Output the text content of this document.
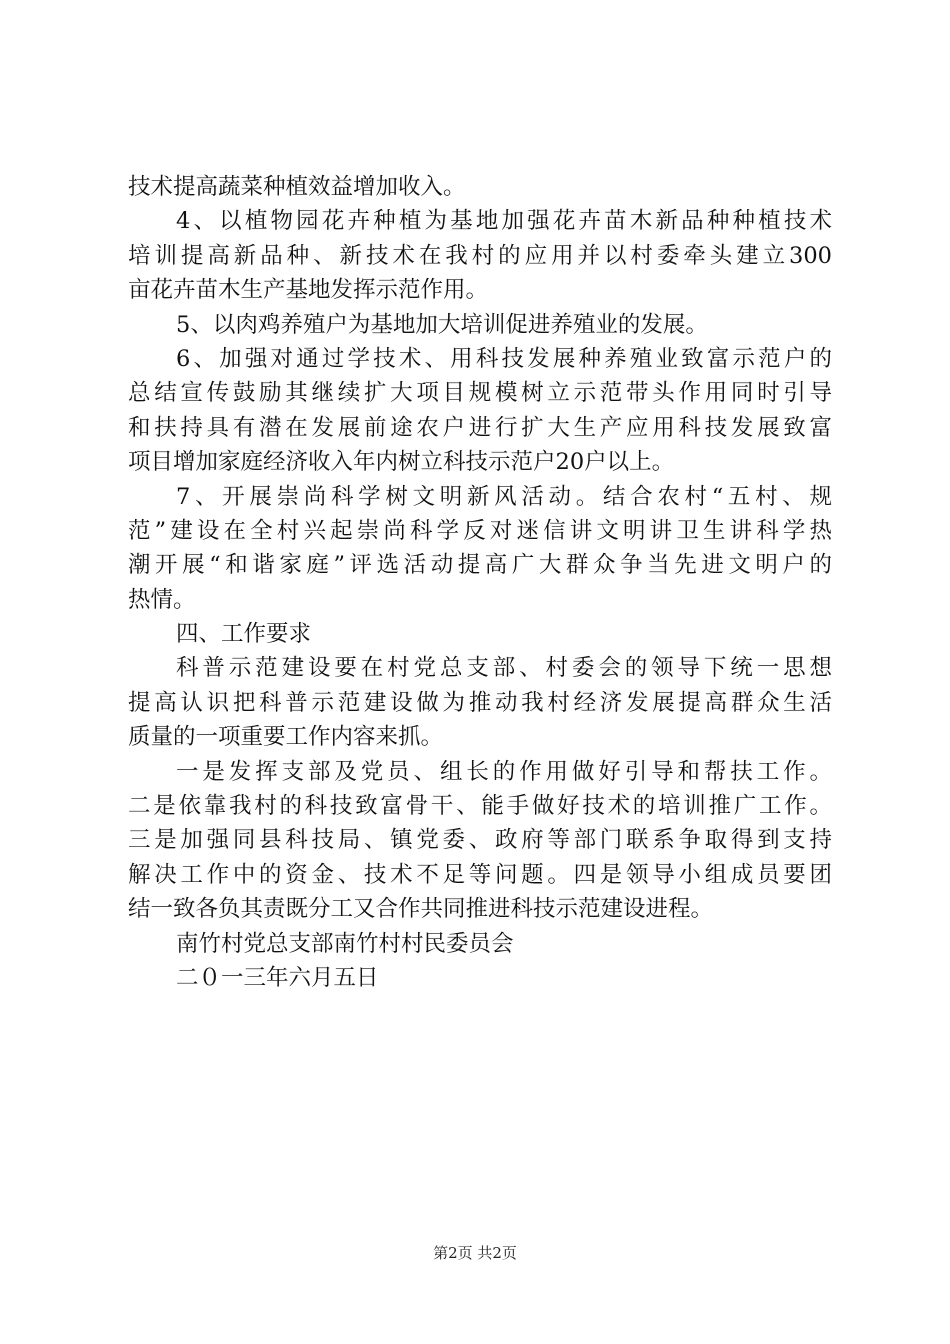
技术提高蔬菜种植效益增加收入。
4、以植物园花卉种植为基地加强花卉苗木新品种种植技术
培训提高新品种、新技术在我村的应用并以村委牵头建立300
亩花卉苗木生产基地发挥示范作用。
5、以肉鸡养殖户为基地加大培训促进养殖业的发展。
6、加强对通过学技术、用科技发展种养殖业致富示范户的
总结宣传鼓励其继续扩大项目规模树立示范带头作用同时引导
和扶持具有潜在发展前途农户进行扩大生产应用科技发展致富
项目增加家庭经济收入年内树立科技示范户20户以上。
7、开展崇尚科学树文明新风活动。结合农村“五村、规
范”建设在全村兴起崇尚科学反对迷信讲文明讲卫生讲科学热
潮开展“和谐家庭”评选活动提高广大群众争当先进文明户的
热情。
四、工作要求
科普示范建设要在村党总支部、村委会的领导下统一思想
提高认识把科普示范建设做为推动我村经济发展提高群众生活
质量的一项重要工作内容来抓。
一是发挥支部及党员、组长的作用做好引导和帮扶工作。
二是依靠我村的科技致富骨干、能手做好技术的培训推广工作。
三是加强同县科技局、镇党委、政府等部门联系争取得到支持
解决工作中的资金、技术不足等问题。四是领导小组成员要团
结一致各负其责既分工又合作共同推进科技示范建设进程。
南竹村党总支部南竹村村民委员会
二０一三年六月五日
第2页 共2页
